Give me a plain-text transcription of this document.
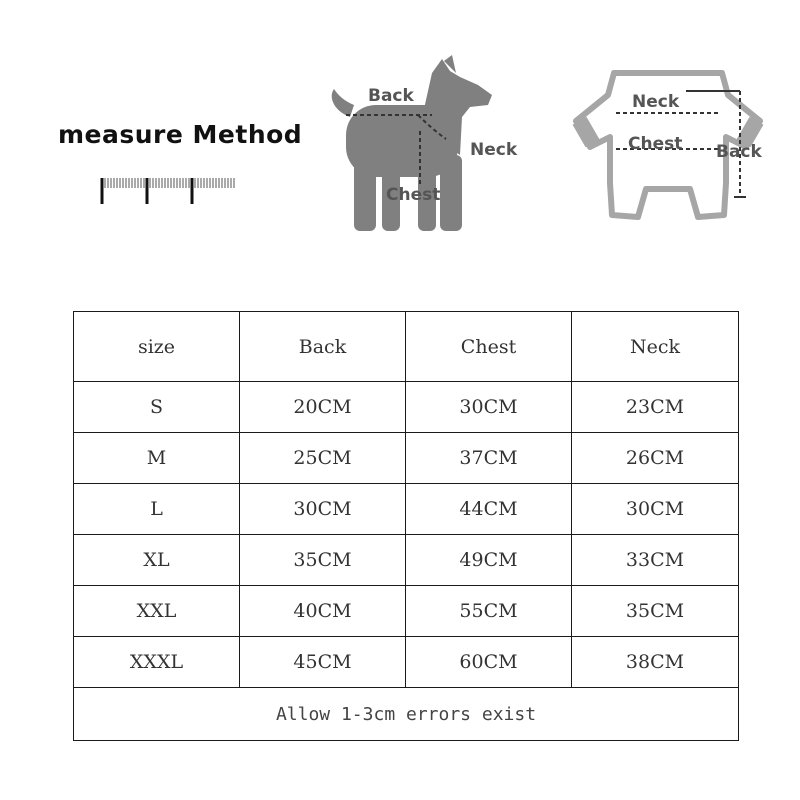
measure Method
Back
Neck
Chest
Neck
Chest Back
size	Back	Chest	Neck
S	20CM	30CM	23CM
M	25CM	37CM	26CM
L	30CM	44CM	30CM
XL	35CM	49CM	33CM
XXL	40CM	55CM	35CM
XXXL	45CM	60CM	38CM
Allow 1-3cm errors exist			
